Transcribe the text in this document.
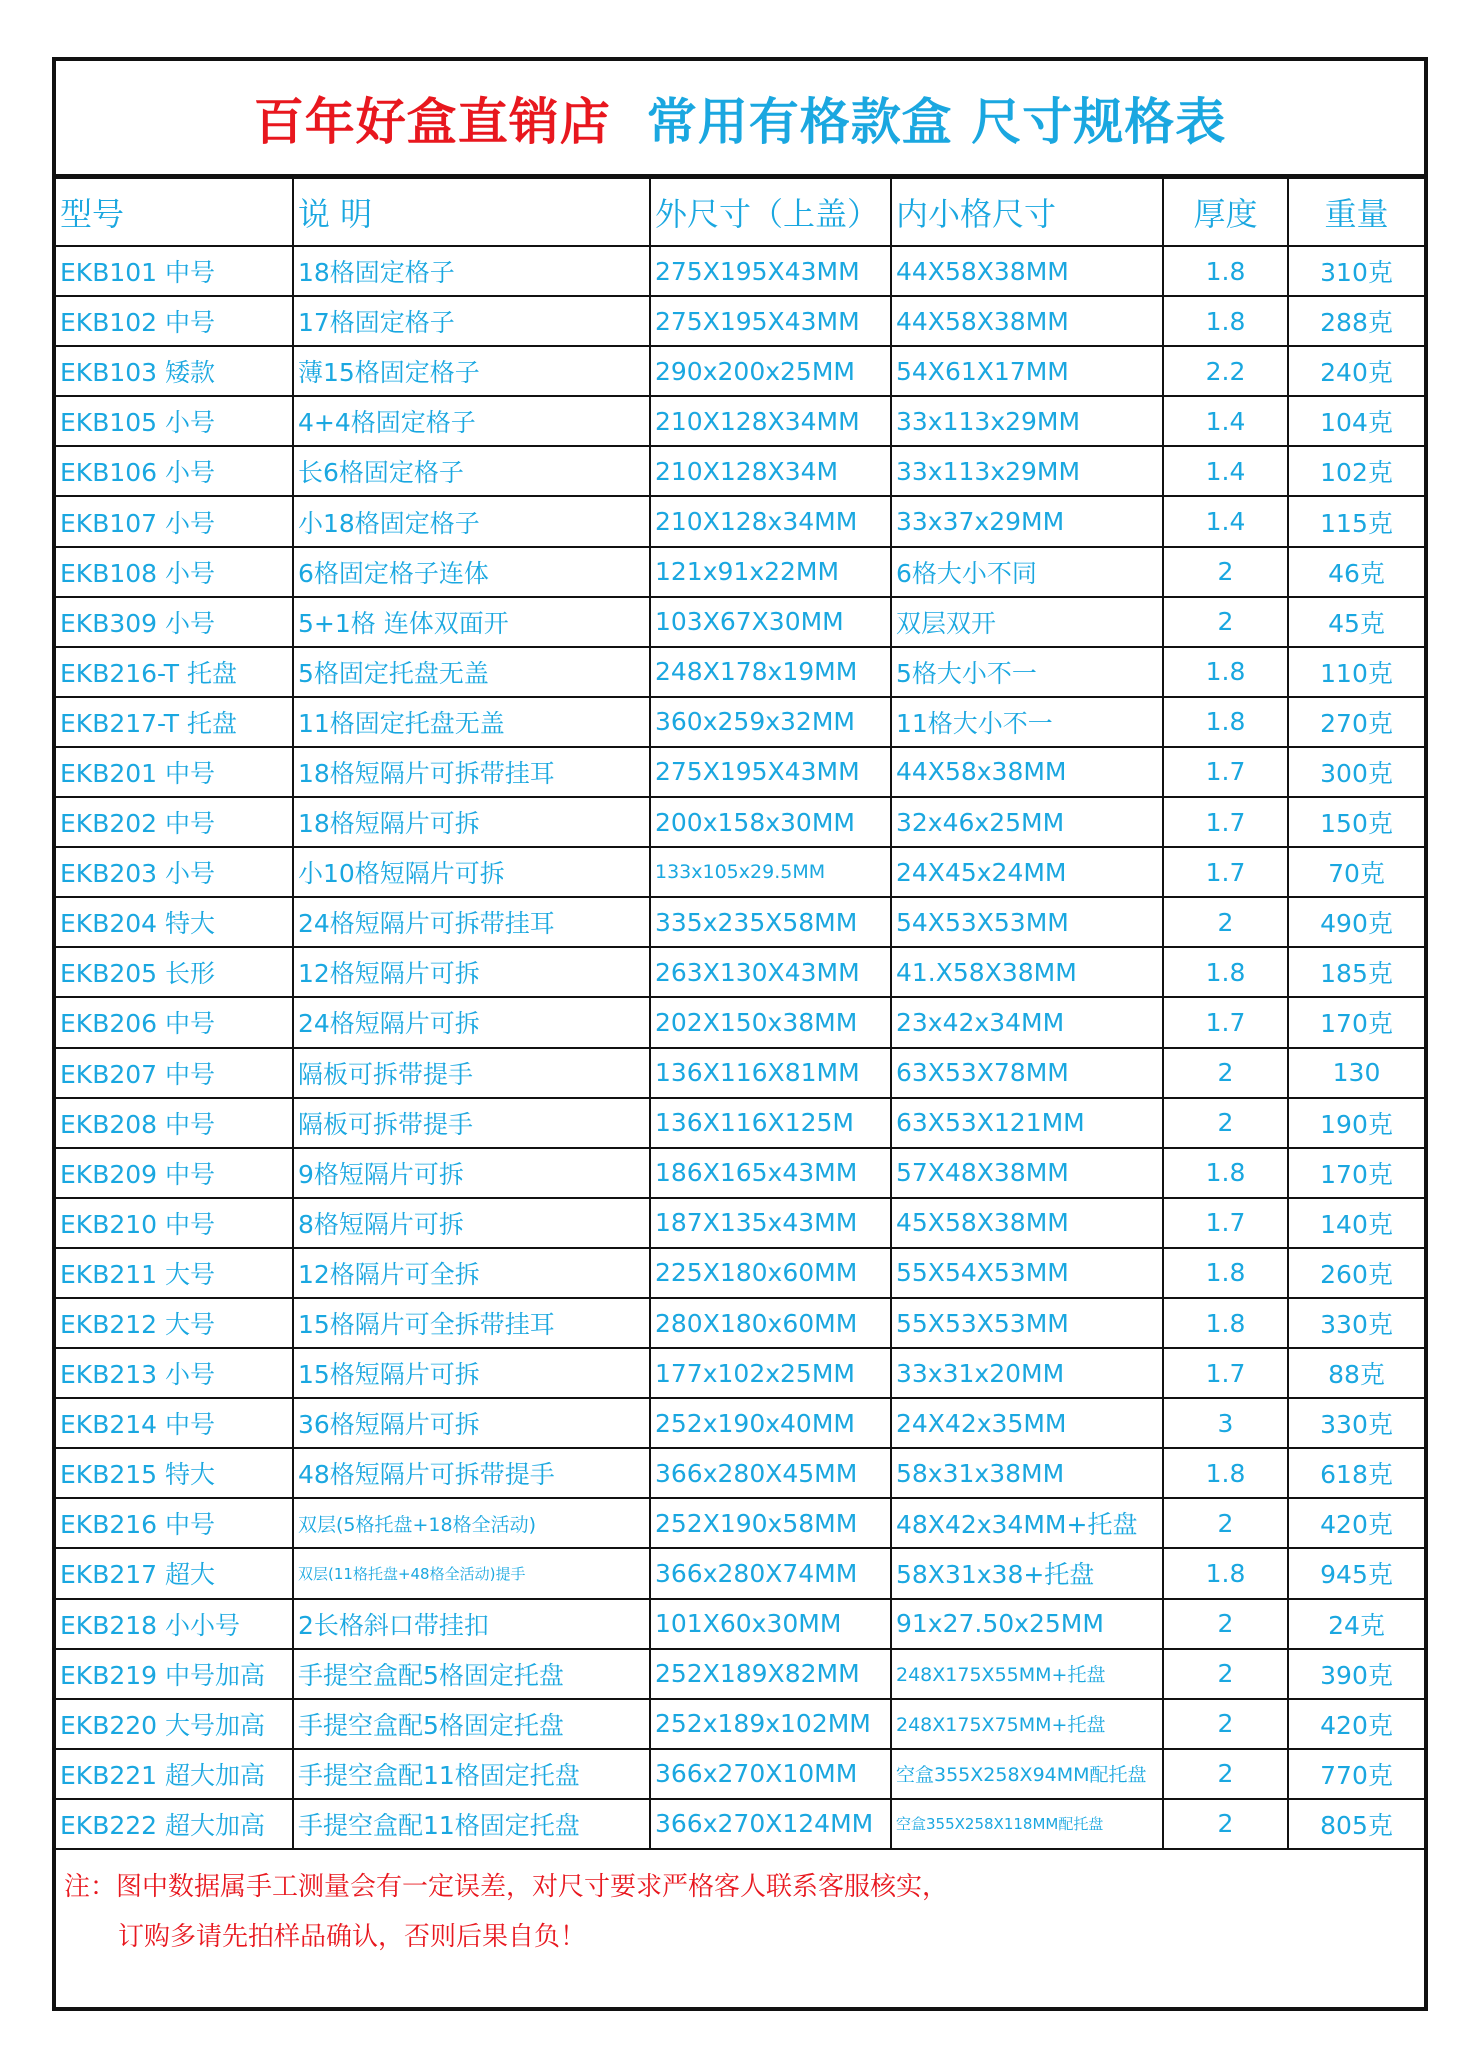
百年好盒直销店 常用有格款盒 尺寸规格表
型号	说 明	外尺寸（上盖）	内小格尺寸	厚度	重量
EKB101 中号	18格固定格子	275X195X43MM	44X58X38MM	1.8	310克
EKB102 中号	17格固定格子	275X195X43MM	44X58X38MM	1.8	288克
EKB103 矮款	薄15格固定格子	290x200x25MM	54X61X17MM	2.2	240克
EKB105 小号	4+4格固定格子	210X128X34MM	33x113x29MM	1.4	104克
EKB106 小号	长6格固定格子	210X128X34M	33x113x29MM	1.4	102克
EKB107 小号	小18格固定格子	210X128x34MM	33x37x29MM	1.4	115克
EKB108 小号	6格固定格子连体	121x91x22MM	6格大小不同	2	46克
EKB309 小号	5+1格 连体双面开	103X67X30MM	双层双开	2	45克
EKB216-T 托盘	5格固定托盘无盖	248X178x19MM	5格大小不一	1.8	110克
EKB217-T 托盘	11格固定托盘无盖	360x259x32MM	11格大小不一	1.8	270克
EKB201 中号	18格短隔片可拆带挂耳	275X195X43MM	44X58x38MM	1.7	300克
EKB202 中号	18格短隔片可拆	200x158x30MM	32x46x25MM	1.7	150克
EKB203 小号	小10格短隔片可拆	133x105x29.5MM	24X45x24MM	1.7	70克
EKB204 特大	24格短隔片可拆带挂耳	335x235X58MM	54X53X53MM	2	490克
EKB205 长形	12格短隔片可拆	263X130X43MM	41.X58X38MM	1.8	185克
EKB206 中号	24格短隔片可拆	202X150x38MM	23x42x34MM	1.7	170克
EKB207 中号	隔板可拆带提手	136X116X81MM	63X53X78MM	2	130
EKB208 中号	隔板可拆带提手	136X116X125M	63X53X121MM	2	190克
EKB209 中号	9格短隔片可拆	186X165x43MM	57X48X38MM	1.8	170克
EKB210 中号	8格短隔片可拆	187X135x43MM	45X58X38MM	1.7	140克
EKB211 大号	12格隔片可全拆	225X180x60MM	55X54X53MM	1.8	260克
EKB212 大号	15格隔片可全拆带挂耳	280X180x60MM	55X53X53MM	1.8	330克
EKB213 小号	15格短隔片可拆	177x102x25MM	33x31x20MM	1.7	88克
EKB214 中号	36格短隔片可拆	252x190x40MM	24X42x35MM	3	330克
EKB215 特大	48格短隔片可拆带提手	366x280X45MM	58x31x38MM	1.8	618克
EKB216 中号	双层(5格托盘+18格全活动)	252X190x58MM	48X42x34MM+托盘	2	420克
EKB217 超大	双层(11格托盘+48格全活动)提手	366x280X74MM	58X31x38+托盘	1.8	945克
EKB218 小小号	2长格斜口带挂扣	101X60x30MM	91x27.50x25MM	2	24克
EKB219 中号加高	手提空盒配5格固定托盘	252X189X82MM	248X175X55MM+托盘	2	390克
EKB220 大号加高	手提空盒配5格固定托盘	252x189x102MM	248X175X75MM+托盘	2	420克
EKB221 超大加高	手提空盒配11格固定托盘	366x270X10MM	空盒355X258X94MM配托盘	2	770克
EKB222 超大加高	手提空盒配11格固定托盘	366x270X124MM	空盒355X258X118MM配托盘	2	805克
注：图中数据属手工测量会有一定误差，对尺寸要求严格客人联系客服核实，
订购多请先拍样品确认，否则后果自负！
